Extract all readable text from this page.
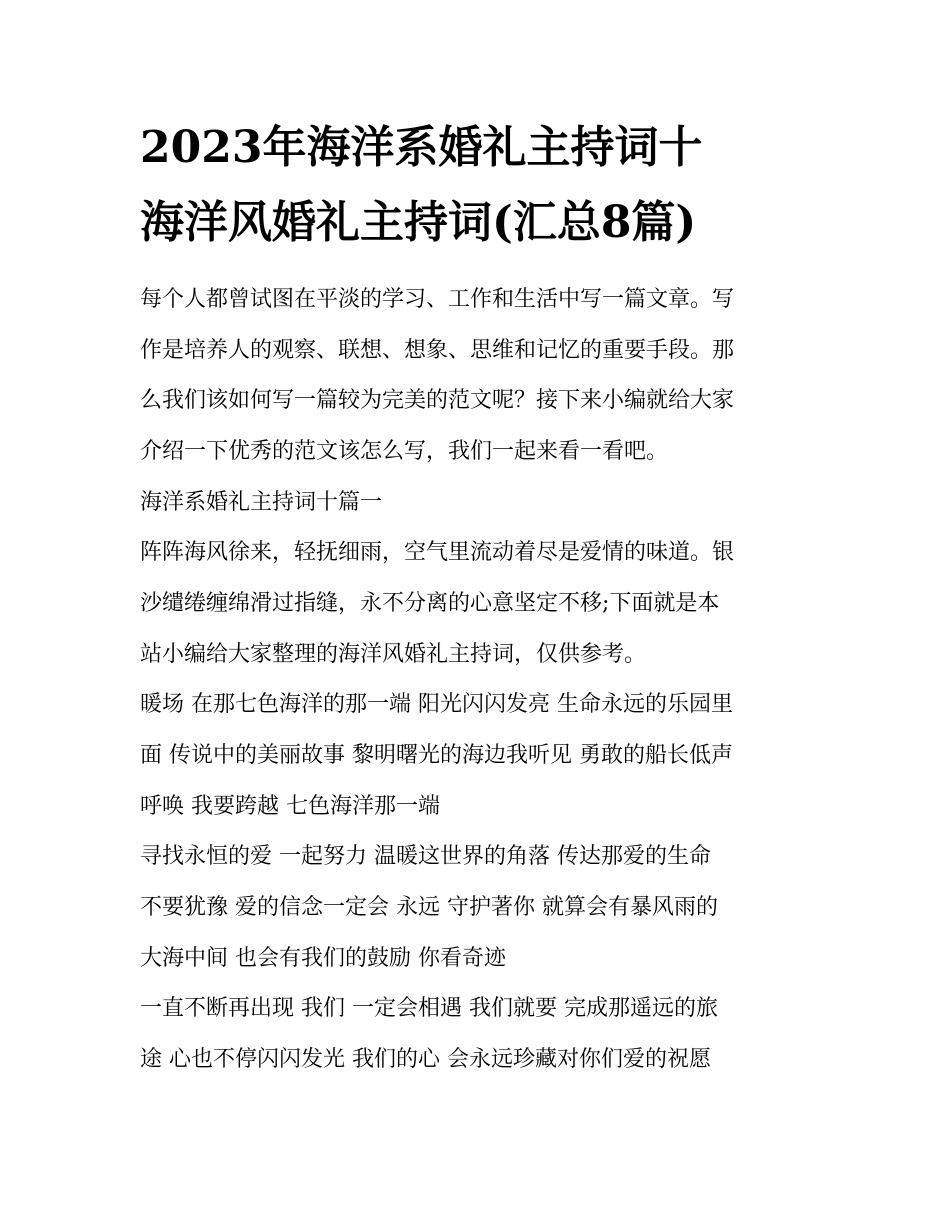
2023年海洋系婚礼主持词十
海洋风婚礼主持词(汇总8篇)

每个人都曾试图在平淡的学习、工作和生活中写一篇文章。写

作是培养人的观察、联想、想象、思维和记忆的重要手段。那

么我们该如何写一篇较为完美的范文呢？接下来小编就给大家

介绍一下优秀的范文该怎么写，我们一起来看一看吧。

海洋系婚礼主持词十篇一

阵阵海风徐来，轻抚细雨，空气里流动着尽是爱情的味道。银

沙缱绻缠绵滑过指缝，永不分离的心意坚定不移;下面就是本

站小编给大家整理的海洋风婚礼主持词，仅供参考。

暖场 在那七色海洋的那一端 阳光闪闪发亮 生命永远的乐园里

面 传说中的美丽故事 黎明曙光的海边我听见 勇敢的船长低声

呼唤 我要跨越 七色海洋那一端

寻找永恒的爱 一起努力 温暖这世界的角落 传达那爱的生命

不要犹豫 爱的信念一定会 永远 守护著你 就算会有暴风雨的

大海中间 也会有我们的鼓励 你看奇迹

一直不断再出现 我们 一定会相遇 我们就要 完成那遥远的旅

途 心也不停闪闪发光 我们的心 会永远珍藏对你们爱的祝愿
